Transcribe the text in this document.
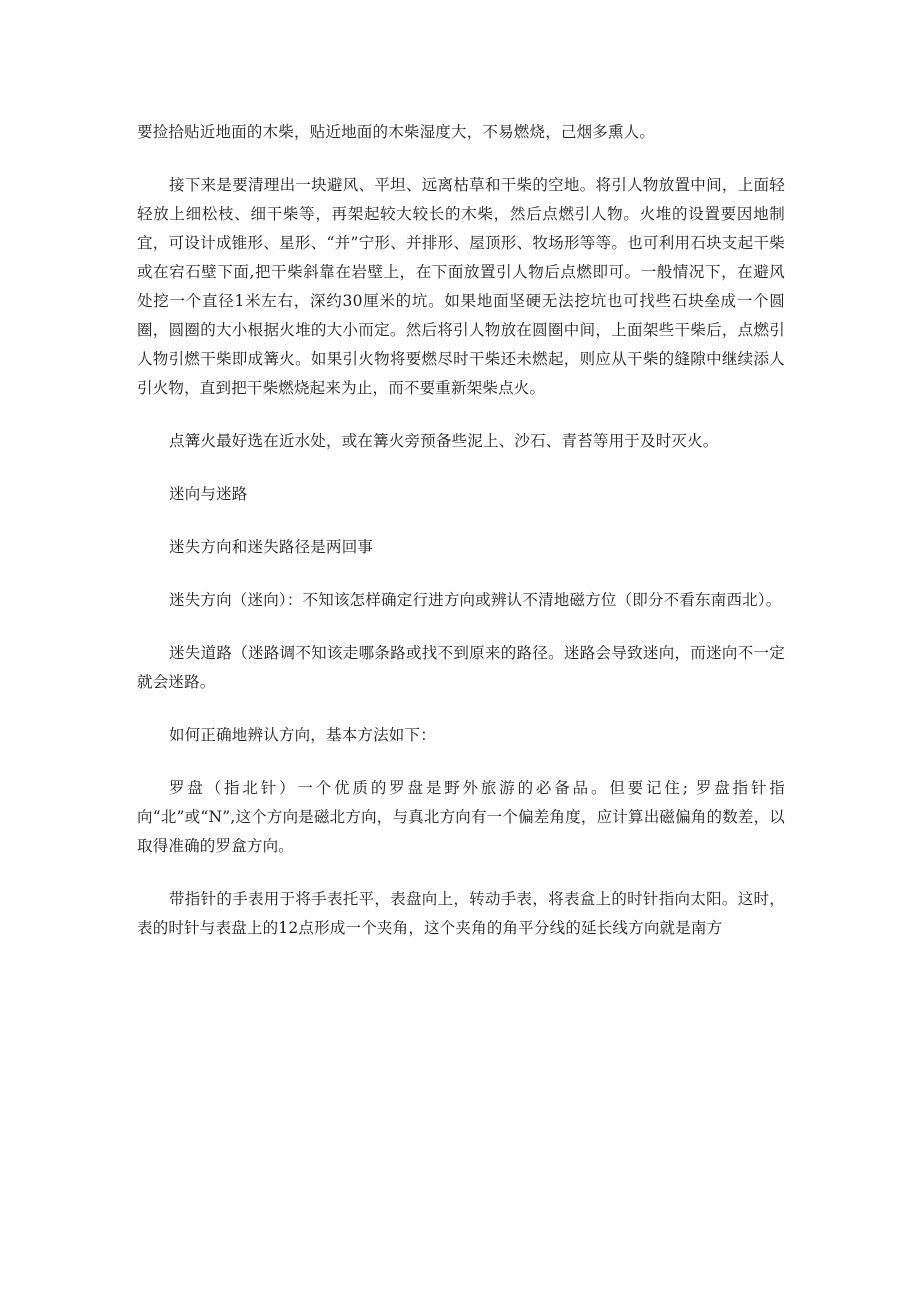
要捡拾贴近地面的木柴，贴近地面的木柴湿度大，不易燃烧，己烟多熏人。

接下来是要清理出一块避风、平坦、远离枯草和干柴的空地。将引人物放置中间，上面轻轻放上细松枝、细干柴等，再架起较大较长的木柴，然后点燃引人物。火堆的设置要因地制宜，可设计成锥形、星形、“并”宁形、并排形、屋顶形、牧场形等等。也可利用石块支起干柴或在宕石壁下面,把干柴斜靠在岩壁上，在下面放置引人物后点燃即可。一般情况下，在避风处挖一个直径1米左右，深约30厘米的坑。如果地面坚硬无法挖坑也可找些石块垒成一个圆圈，圆圈的大小根据火堆的大小而定。然后将引人物放在圆圈中间，上面架些干柴后，点燃引人物引燃干柴即成篝火。如果引火物将要燃尽时干柴还未燃起，则应从干柴的缝隙中继续添人引火物，直到把干柴燃烧起来为止，而不要重新架柴点火。

点篝火最好选在近水处，或在篝火旁预备些泥上、沙石、青苔等用于及时灭火。

迷向与迷路

迷失方向和迷失路径是两回事

迷失方向（迷向）：不知该怎样确定行进方向或辨认不清地磁方位（即分不看东南西北）。

迷失道路（迷路调不知该走哪条路或找不到原来的路径。迷路会导致迷向，而迷向不一定就会迷路。

如何正确地辨认方向，基本方法如下：

罗盘（指北针）一个优质的罗盘是野外旅游的必备品。但要记住; 罗盘指针指向“北”或“N”,这个方向是磁北方向，与真北方向有一个偏差角度，应计算出磁偏角的数差，以取得准确的罗盒方向。

带指针的手表用于将手表托平，表盘向上，转动手表，将表盒上的时针指向太阳。这时，表的时针与表盘上的12点形成一个夹角，这个夹角的角平分线的延长线方向就是南方
